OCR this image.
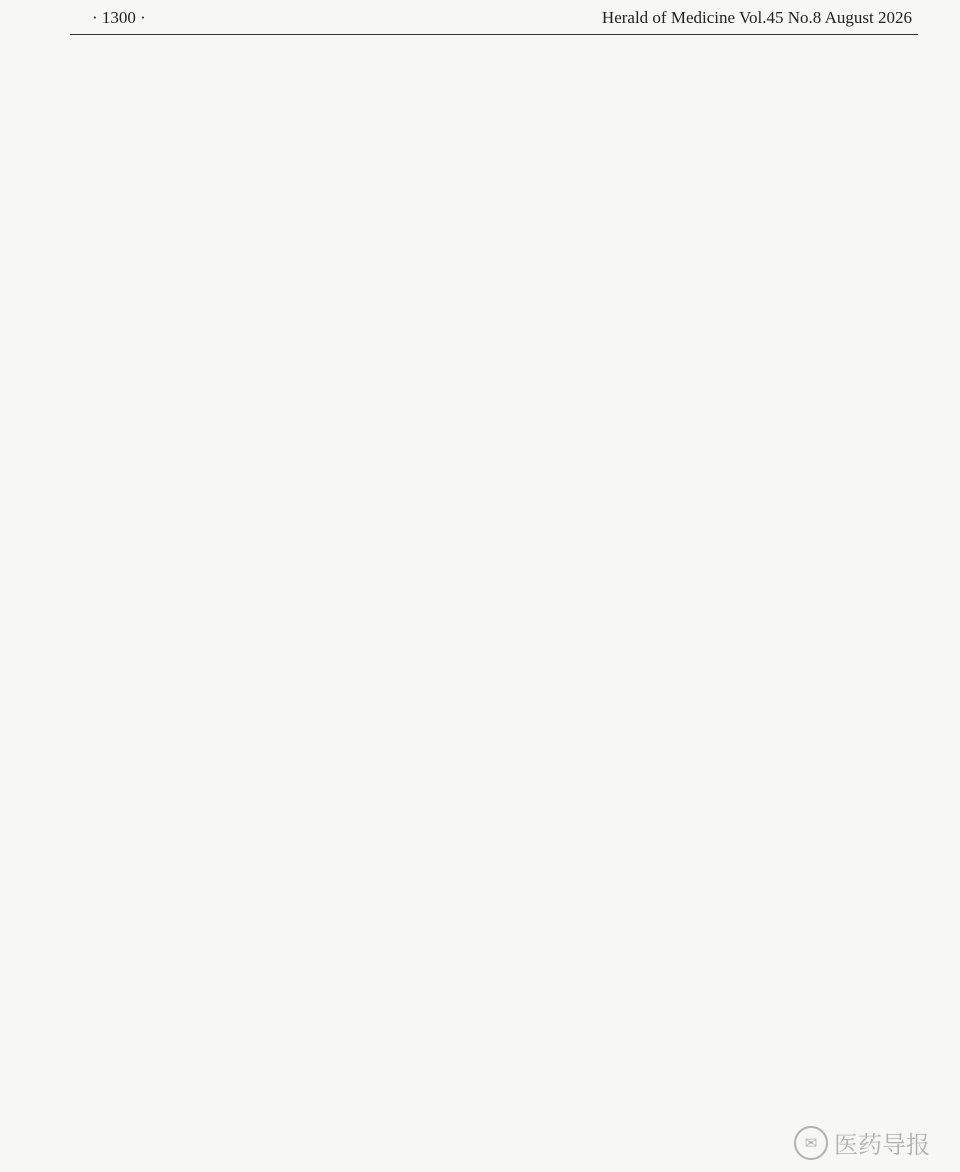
· 1300 ·	Herald of Medicine Vol.45 No.8 August 2026
✉ 医药导报
